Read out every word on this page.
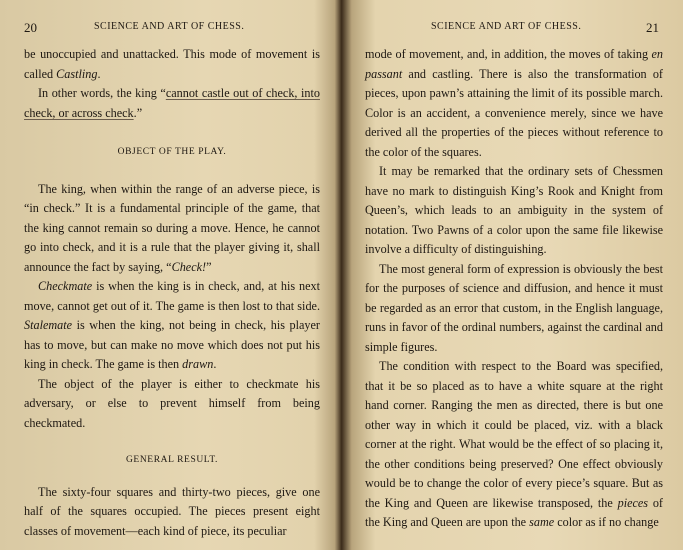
20	SCIENCE AND ART OF CHESS.

be unoccupied and unattacked. This mode of movement is called Castling.

In other words, the king “cannot castle out of check, into check, or across check.”

OBJECT OF THE PLAY.

The king, when within the range of an adverse piece, is “in check.” It is a fundamental principle of the game, that the king cannot remain so during a move. Hence, he cannot go into check, and it is a rule that the player giving it, shall announce the fact by saying, “Check!”

Checkmate is when the king is in check, and, at his next move, cannot get out of it. The game is then lost to that side. Stalemate is when the king, not being in check, his player has to move, but can make no move which does not put his king in check. The game is then drawn.

The object of the player is either to checkmate his adversary, or else to prevent himself from being checkmated.

GENERAL RESULT.

The sixty-four squares and thirty-two pieces, give one half of the squares occupied. The pieces present eight classes of movement—each kind of piece, its peculiar

SCIENCE AND ART OF CHESS.	21

mode of movement, and, in addition, the moves of taking en passant and castling. There is also the transformation of pieces, upon pawn’s attaining the limit of its possible march. Color is an accident, a convenience merely, since we have derived all the properties of the pieces without reference to the color of the squares.

It may be remarked that the ordinary sets of Chessmen have no mark to distinguish King’s Rook and Knight from Queen’s, which leads to an ambiguity in the system of notation. Two Pawns of a color upon the same file likewise involve a difficulty of distinguishing.

The most general form of expression is obviously the best for the purposes of science and diffusion, and hence it must be regarded as an error that custom, in the English language, runs in favor of the ordinal numbers, against the cardinal and simple figures.

The condition with respect to the Board was specified, that it be so placed as to have a white square at the right hand corner. Ranging the men as directed, there is but one other way in which it could be placed, viz. with a black corner at the right. What would be the effect of so placing it, the other conditions being preserved? One effect obviously would be to change the color of every piece’s square. But as the King and Queen are likewise transposed, the pieces of the King and Queen are upon the same color as if no change
